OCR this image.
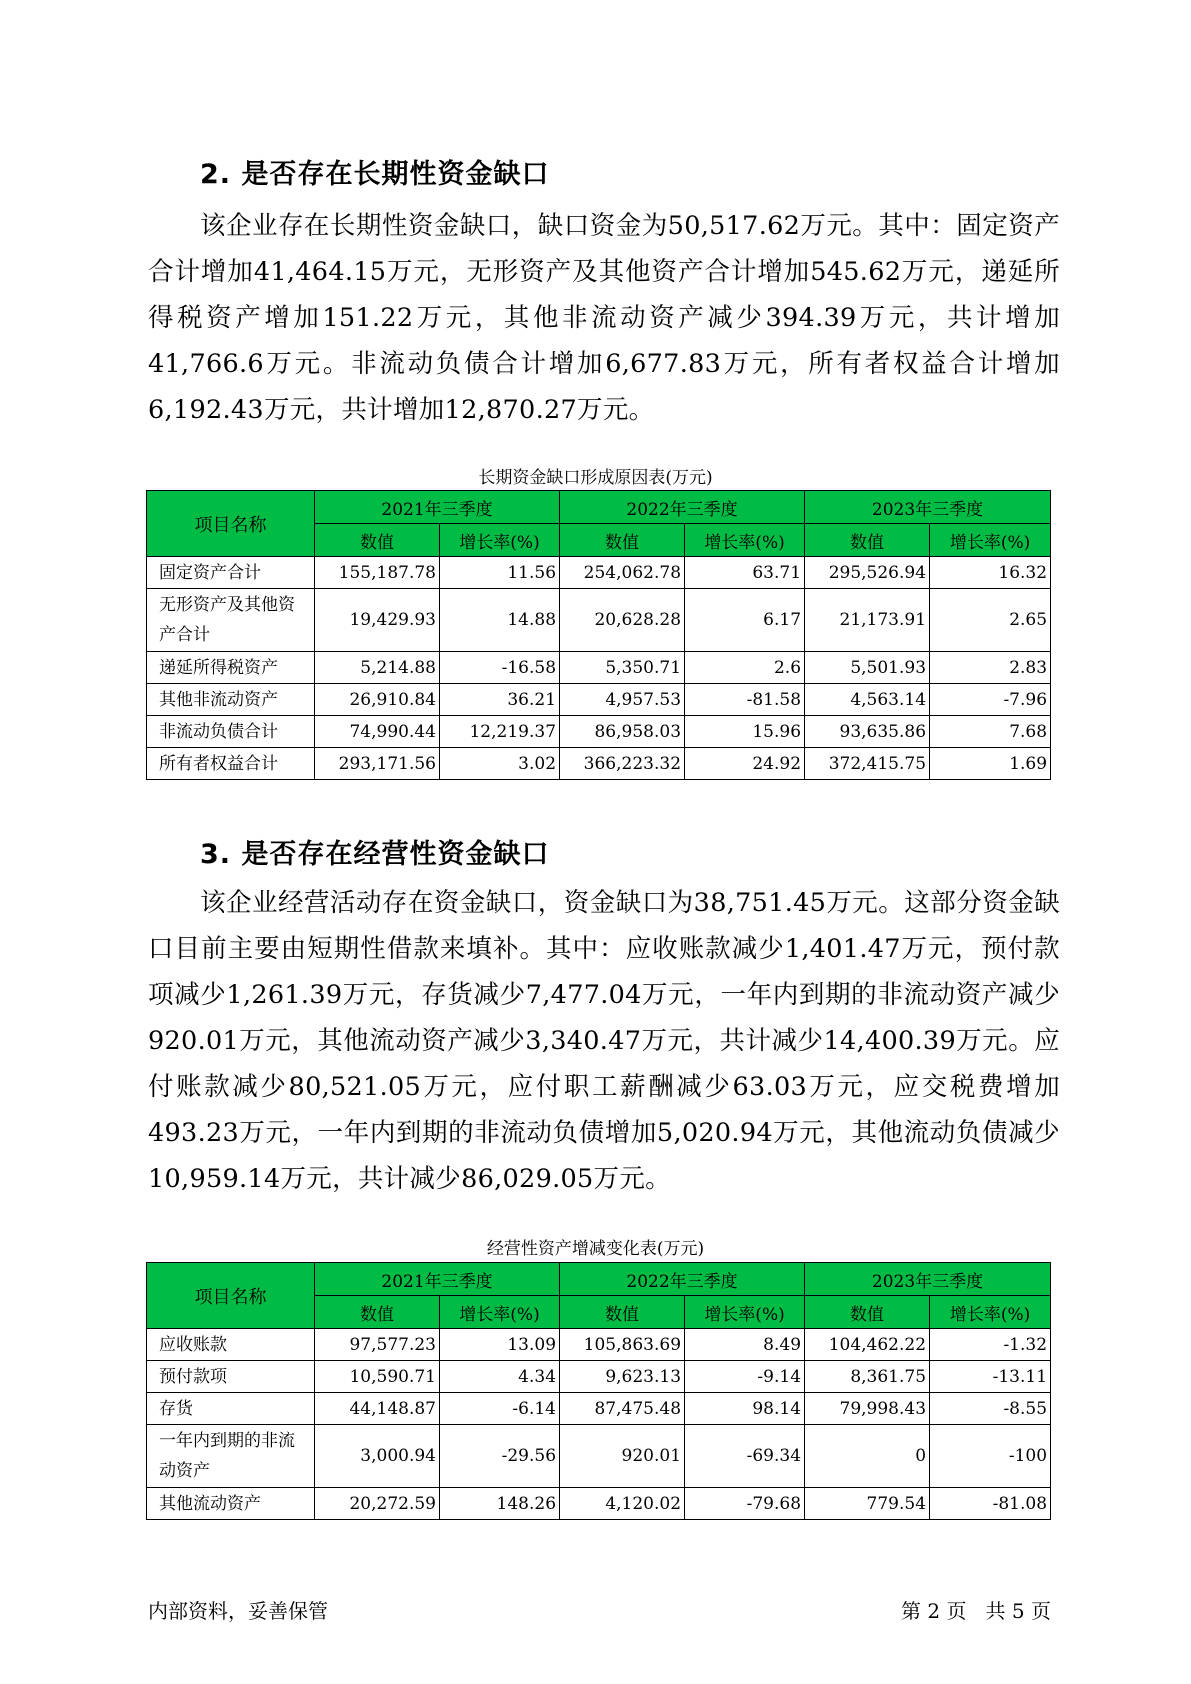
2. 是否存在长期性资金缺口

该企业存在长期性资金缺口，缺口资金为50,517.62万元。其中：固定资产合计增加41,464.15万元，无形资产及其他资产合计增加545.62万元，递延所得税资产增加151.22万元，其他非流动资产减少394.39万元，共计增加41,766.6万元。非流动负债合计增加6,677.83万元，所有者权益合计增加6,192.43万元，共计增加12,870.27万元。

长期资金缺口形成原因表(万元)
项目名称	2021年三季度		2022年三季度		2023年三季度	
	数值	增长率(%)	数值	增长率(%)	数值	增长率(%)
固定资产合计	155,187.78	11.56	254,062.78	63.71	295,526.94	16.32
无形资产及其他资产合计	19,429.93	14.88	20,628.28	6.17	21,173.91	2.65
递延所得税资产	5,214.88	-16.58	5,350.71	2.6	5,501.93	2.83
其他非流动资产	26,910.84	36.21	4,957.53	-81.58	4,563.14	-7.96
非流动负债合计	74,990.44	12,219.37	86,958.03	15.96	93,635.86	7.68
所有者权益合计	293,171.56	3.02	366,223.32	24.92	372,415.75	1.69
3. 是否存在经营性资金缺口

该企业经营活动存在资金缺口，资金缺口为38,751.45万元。这部分资金缺口目前主要由短期性借款来填补。其中：应收账款减少1,401.47万元，预付款项减少1,261.39万元，存货减少7,477.04万元，一年内到期的非流动资产减少920.01万元，其他流动资产减少3,340.47万元，共计减少14,400.39万元。应付账款减少80,521.05万元，应付职工薪酬减少63.03万元，应交税费增加493.23万元，一年内到期的非流动负债增加5,020.94万元，其他流动负债减少10,959.14万元，共计减少86,029.05万元。

经营性资产增减变化表(万元)
项目名称	2021年三季度		2022年三季度		2023年三季度	
	数值	增长率(%)	数值	增长率(%)	数值	增长率(%)
应收账款	97,577.23	13.09	105,863.69	8.49	104,462.22	-1.32
预付款项	10,590.71	4.34	9,623.13	-9.14	8,361.75	-13.11
存货	44,148.87	-6.14	87,475.48	98.14	79,998.43	-8.55
一年内到期的非流动资产	3,000.94	-29.56	920.01	-69.34	0	-100
其他流动资产	20,272.59	148.26	4,120.02	-79.68	779.54	-81.08
内部资料，妥善保管	第 2 页   共 5 页
